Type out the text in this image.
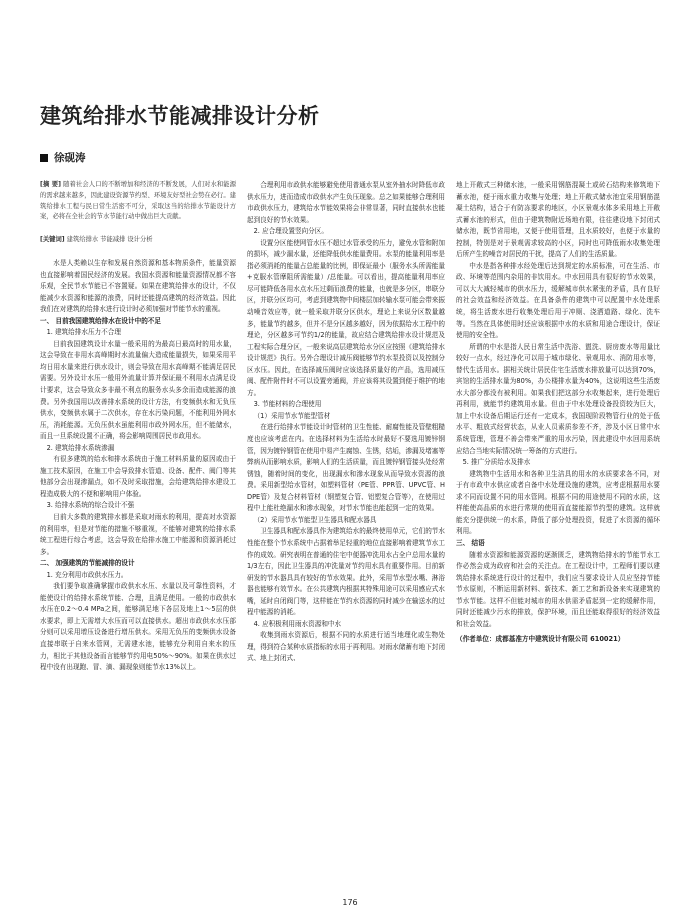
建筑给排水节能减排设计分析
徐砚涛

[摘 要] 随着社会人口的不断增加和经济的不断发展，人们对水和能源的需求越来越多，因此建设资源节约型、环境友好型社会势在必行。建筑给排水工程与民日常生活密不可分，采取这当的给排水节能设计方案，必将在全社会的节水节能行动中做出巨大贡献。

[关键词] 建筑给排水 节能减排 设计分析

水是人类赖以生存和发展自然资源和基本物质条件，能量资源也直接影响着国民经济的发展。我国水资源和能量资源情况都不容乐观，全民节水节能已不容置疑。如果在建筑给排水的设计，不仅能减少水资源和能源的浪费，同时还能提高建筑的经济效益。因此我们在对建筑的给排水进行设计时必须加强对节能节水的重视。

一、 目前我国建筑给排水在设计中的不足

1. 建筑给排水压力不合理

目前我国建筑设计水量一般采用的为最高日最高时的用水量，这会导致在非用水高峰期时水流量偏大造成能量损失，如果采用平均日用水量来进行供水设计，则会导致在用水高峰期不能满足居民需要。另外设计水压一般用外流量计算并保证最不利用水点满足设计要求，这会导致众多非最不利点的服务水头多余而造成能源的浪费。另外我国用以改善排水系统的设计方法，有变频供水和无负压供水，变频供水属于二次供水，存在水污染问题，不能利用外网水压，消耗能源。无负压供水虽能利用市政外网水压，但不能储水，而且一旦系统设置不正确，将会影响周围居民市政用水。

2. 建筑给排水系统渗漏

有很多建筑的给水和排水系统由于施工材料质量的原因或由于施工技术原因，在施工中会导致排水管道、设备、配件、阀门等其他部分会出现渗漏点，如不及时采取措施，会给建筑给排水建设工程造成极大的不便和影响用户体验。

3. 给排水系统的综合设计不强

目前大多数的建筑排水都是采取对雨水的利用，提高对水资源的利用率，但是对节能的措施不够重视，不能够对建筑的给排水系统工程进行综合考虑，这会导致在给排水施工中能源和资源消耗过多。

二、 加强建筑的节能减排的设计

1. 充分利用市政供水压力。

我们要争取准确掌握市政供水水压、水量以及可靠性资料，才能使设计的给排水系统节能、合理，且满足使用。一般的市政供水水压在0.2～0.4 MPa之间，能够满足地下各层及地上1～5层的供水要求，即上无需增大水压而可以直接供水。超出市政供水水压部分则可以采用增压设备进行增压供水。采用无负压的变频供水设备直接串联于自来水管网，无需建水池，能够充分利用自来水的压力，相比于其他设备而言能够节约用电50%～90%。如果在供水过程中没有出现跑、冒、滴、漏现象则能节水13%以上。

合理利用市政供水能够避免使用普通水泵从室外抽水时降低市政供水压力，进而造成市政供水产生负压现象。总之如果能够合理利用市政供水压力，建筑给水节能效果将会非常显著，同时直接供水也能起到良好的节水效果。

2. 应合理设置竖向分区。

设置分区能使网管水压不超过水管承受的压力，避免水管和附加的损坏，减少漏水量，还能降低供水能量费用。水泵的能量利用率是指必须消耗的能量占总能量的比例，即保证最小（服务水头所需能量+克服水管摩阻所需能量）/总能量。可以看出，提高能量利用率应尽可能降低各用水点水压过剩而浪费的能量，也就是多分区，串联分区，并联分区均可，考虑到建筑物中间楼层加转输水泵可能会带来振动噪音效应等，就一般采取并联分区供水，理论上来说分区数量越多，能量节约越多，但并不是分区越多越好，因为依据给水工程中的理论，分区越多可节约1/2的能量，故应结合建筑给排水设计规范及工程实际合理分区，一般来说高层建筑给水分区应按照《建筑给排水设计规范》执行。另外合理设计减压阀能够节约水泵投资以及控制分区水压。因此，在选择减压阀时应该选择质量好的产品，选用减压阀、配件附件时不可以设置旁通阀，并应该将其设置到便于维护的地方。

3. 节能材料的合理使用

（1）采用节水节能型管材

在进行给排水节能设计时管材的卫生性能、耐腐性能及管壁粗糙度也应该考虑在内。在选择材料为生活给水时最好不要选用镀锌钢管，因为镀锌钢管在使用中易产生腐蚀、生锈，结垢，渗漏及堵塞等弊病从而影响水质，影响人们的生活质量，而且镀锌钢管接头处经常锈蚀，随着时间的变化，出现漏水和滲水现象从而导致水资源的浪费。采用新型给水管材，如塑料管材（PE管、PPR管、UPVC管、HDPE管）及复合材料管材（钢塑复合管、铝塑复合管等），在使用过程中上能杜绝漏水和渗水现象，对节水节能也能起到一定的效果。

（2）采用节水节能型卫生器具和配水器具

卫生器具和配水器具作为建筑给水的最终使用单元，它们的节水性能在整个节水系统中占据着举足轻重的地位直接影响着建筑节水工作的成效。研究表明在普通的住宅中便器冲洗用水占全户总用水量的1/3左右，因此卫生器具的冲洗量对节约用水具有重要作用。目前新研发的节水器具具有较好的节水效果。此外，采用节水型水嘴、淋浴器也能够有效节水。在公共建筑内根据其特殊用途可以采用感应式水嘴，延时自闭阀门等，这样能在节约水资源的同时减少在输送水的过程中能源的消耗。

4. 应积极利用雨水资源和中水

收集到雨水资源后，根据不同的水质进行适当地理化或生物处理，得到符合某种水质指标的水用于再利用。对雨水储蓄有地下封闭式、地上封闭式、

地上开敞式三种储水池，一般采用钢筋混凝土或砖石结构来修筑地下蓄水池，便于雨水重力收集与处理；地上开敞式储水池宜采用钢筋混凝土结构，适合于有防冻要求的地区，小区景观水体多采用地上开敞式蓄水池的形式，但由于建筑物附近场地有限，往往建设地下封闭式储水池，既节省用地，又便于使用管理，且水质较好，也便于水量的控制，特别是对于景观需求较高的小区，同时也可降低雨水收集处理后所产生的噪音对居民的干扰，提高了人们的生活质量。

中水是指各种排水经处理后达到规定的水质标准，可在生活、市政、环境等范围内杂用的非饮用水。中水回用具有很好的节水效果，可以大大减轻城市的供水压力，缓解城市供水紧张的矛盾，具有良好的社会效益和经济效益。在具备条件的建筑中可以配置中水处理系统，将生活废水进行收集处理后用于冲厕、浇洒道路、绿化、洗车等。当然在具体使用时还应该根据中水的水质和用途合理设计，保证使用的安全性。

所谓的中水是指人民日常生活中洗浴、盥洗、厨房废水等用量比较好一点水，经过净化可以用于城市绿化、景观用水、消防用水等，替代生活用水。据相关统计居民住宅生活废水排放量可以达到70%，宾馆的生活排水量为80%，办公楼排水量为40%，这说明这些生活废水大部分都没有被利用。如果我们把这部分水收集起来，进行处理后再利用，就能节约建筑用水量。但由于中水处理设备投资较为巨大，加上中水设备后期运行还有一定成本，我国现阶段物管行业的处于低水平、粗放式经营状态，从业人员素质参差不齐，涉及小区日常中水系统管理，管理不善会带来严重的用水污染，因此建设中水回用系统应结合当地实际情况统一筹备的方式进行。

5. 推广分质给水及排水

建筑物中生活用水和各种卫生洁具的用水的水质要求各不同，对于有市政中水供应或者自备中水处理设施的建筑，应考虑根据用水要求不同而设置不同的用水管网。根据不同的用途使用不同的水质，这样能使高品质的水进行常规的使用而直接能源节约型的建筑。这样就能充分提供统一的水系，降低了部分处理投资，促进了水资源的循环利用。

三、 结语

随着水资源和能源资源的逐渐匮乏，建筑物给排水的节能节水工作必然会成为政府和社会的关注点。在工程设计中，工程师们要以建筑给排水系统进行设计的过程中，我们应当要求设计人员应坚持节能节水原则，不断运用新材料、新技术、新工艺和新设备来实现建筑的节水节能。这样不但能对城市的用水供需矛盾起到一定的缓解作用，同时还能减少污水的排放，保护环境，而且还能取得很好的经济效益和社会效益。

（作者单位：成都基准方中建筑设计有限公司 610021）

176
